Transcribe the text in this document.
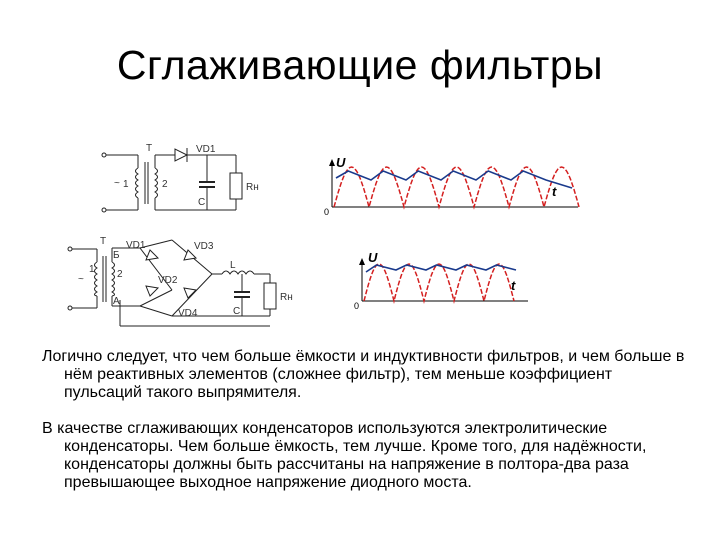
Сглаживающие фильтры
Т	VD1
1	2
C
Rн
~
Т
1 2
Б
А
VD1
VD2
VD3
VD4
L
C
Rн
~
U
t
0
U
t
0

Логично следует, что чем больше ёмкости и индуктивности фильтров, и чем больше в нём реактивных элементов (сложнее фильтр), тем меньше коэффициент пульсаций такого выпрямителя.

В качестве сглаживающих конденсаторов используются электролитические конденсаторы. Чем больше ёмкость, тем лучше. Кроме того, для надёжности, конденсаторы должны быть рассчитаны на напряжение в полтора-два раза превышающее выходное напряжение диодного моста.
